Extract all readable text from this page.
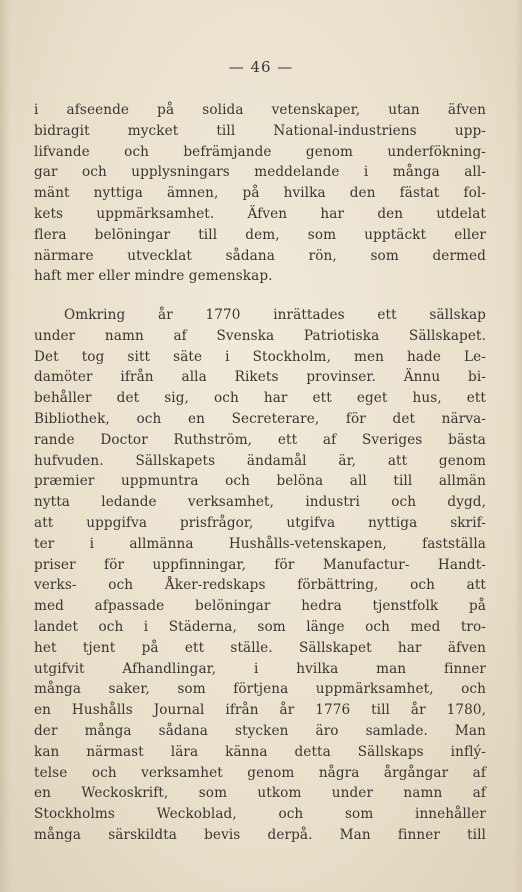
— 46 —
i afseende på solida vetenskaper, utan äfven
bidragit mycket till National-industriens upp-
lifvande och befrämjande genom underfökning-
gar och upplysningars meddelande i många all-
mänt nyttiga ämnen, på hvilka den fästat fol-
kets uppmärksamhet. Äfven har den utdelat
flera belöningar till dem, som upptäckt eller
närmare utvecklat sådana rön, som dermed
haft mer eller mindre gemenskap.
Omkring år 1770 inrättades ett sällskap
under namn af Svenska Patriotiska Sällskapet.
Det tog sitt säte i Stockholm, men hade Le-
damöter ifrån alla Rikets provinser. Ännu bi-
behåller det sig, och har ett eget hus, ett
Bibliothek, och en Secreterare, för det närva-
rande Doctor Ruthström, ett af Sveriges bästa
hufvuden. Sällskapets ändamål är, att genom
præmier uppmuntra och belöna all till allmän
nytta ledande verksamhet, industri och dygd,
att uppgifva prisfrågor, utgifva nyttiga skrif-
ter i allmänna Hushålls-vetenskapen, fastställa
priser för uppfinningar, för Manufactur- Handt-
verks- och Åker-redskaps förbättring, och att
med afpassade belöningar hedra tjenstfolk på
landet och i Städerna, som länge och med tro-
het tjent på ett ställe. Sällskapet har äfven
utgifvit Afhandlingar, i hvilka man finner
många saker, som förtjena uppmärksamhet, och
en Hushålls Journal ifrån år 1776 till år 1780,
der många sådana stycken äro samlade. Man
kan närmast lära känna detta Sällskaps inflý-
telse och verksamhet genom några årgångar af
en Weckoskrift, som utkom under namn af
Stockholms Weckoblad, och som innehåller
många särskildta bevis derpå. Man finner till
